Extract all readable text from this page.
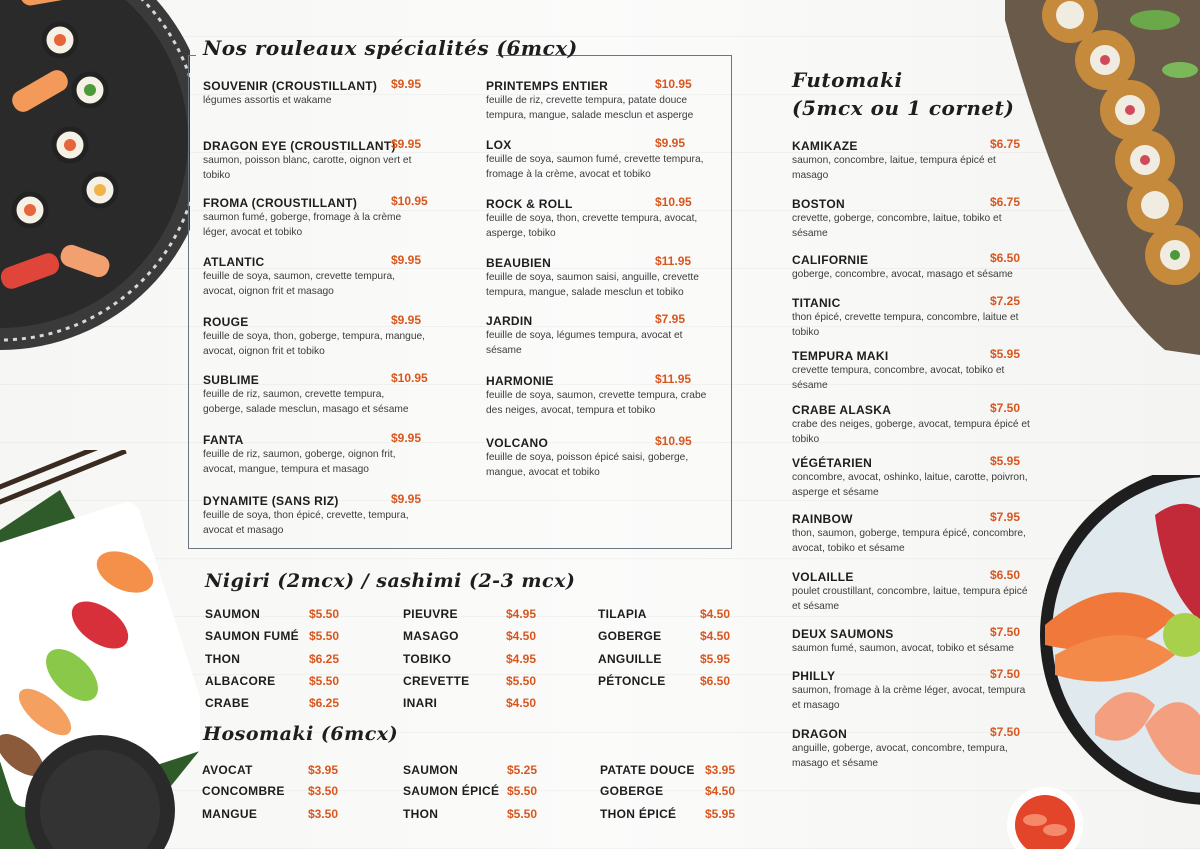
Nos rouleaux spécialités (6mcx)
SOUVENIR (CROUSTILLANT) $9.95
légumes assortis et wakame
DRAGON EYE (CROUSTILLANT)
$9.95
saumon, poisson blanc, carotte, oignon vert et tobiko
FROMA (CROUSTILLANT)	$10.95
saumon fumé, goberge, fromage à la crème léger, avocat et tobiko
ATLANTIC	$9.95
feuille de soya, saumon, crevette tempura, avocat, oignon frit et masago
ROUGE	$9.95
feuille de soya, thon, goberge, tempura, mangue, avocat, oignon frit et tobiko
SUBLIME	$10.95
feuille de riz, saumon, crevette tempura, goberge, salade mesclun, masago et sésame
FANTA	$9.95
feuille de riz, saumon, goberge, oignon frit, avocat, mangue, tempura et masago
DYNAMITE (SANS RIZ)	$9.95
feuille de soya, thon épicé, crevette, tempura, avocat et masago
PRINTEMPS ENTIER	$10.95
feuille de riz, crevette tempura, patate douce tempura, mangue, salade mesclun et asperge
LOX	$9.95
feuille de soya, saumon fumé, crevette tempura, fromage à la crème, avocat et tobiko
ROCK & ROLL	$10.95
feuille de soya, thon, crevette tempura, avocat, asperge, tobiko
BEAUBIEN	$11.95
feuille de soya, saumon saisi, anguille, crevette tempura, mangue, salade mesclun et tobiko
JARDIN	$7.95
feuille de soya, légumes tempura, avocat et sésame
HARMONIE	$11.95
feuille de soya, saumon, crevette tempura, crabe des neiges, avocat, tempura et tobiko
VOLCANO	$10.95
feuille de soya, poisson épicé saisi, goberge, mangue, avocat et tobiko
Nigiri (2mcx) / sashimi (2-3 mcx)
SAUMON	$5.50
SAUMON FUMÉ $5.50
THON	$6.25
ALBACORE	$5.50
CRABE	$6.25
PIEUVRE	$4.95
MASAGO	$4.50
TOBIKO	$4.95
CREVETTE	$5.50
INARI	$4.50
TILAPIA	$4.50
GOBERGE	$4.50
ANGUILLE	$5.95
PÉTONCLE	$6.50
Hosomaki (6mcx)
AVOCAT	$3.95
CONCOMBRE $3.50
MANGUE	$3.50
SAUMON	$5.25
SAUMON ÉPICÉ $5.50
THON	$5.50
PATATE DOUCE $3.95
GOBERGE	$4.50
THON ÉPICÉ $5.95
Futomaki
(5mcx ou 1 cornet)
KAMIKAZE	$6.75
saumon, concombre, laitue, tempura épicé et masago
BOSTON	$6.75
crevette, goberge, concombre, laitue, tobiko et sésame
CALIFORNIE	$6.50
goberge, concombre, avocat, masago et sésame
TITANIC	$7.25
thon épicé, crevette tempura, concombre, laitue et tobiko
TEMPURA MAKI	$5.95
crevette tempura, concombre, avocat, tobiko et sésame
CRABE ALASKA	$7.50
crabe des neiges, goberge, avocat, tempura épicé et tobiko
VÉGÉTARIEN	$5.95
concombre, avocat, oshinko, laitue, carotte, poivron, asperge et sésame
RAINBOW	$7.95
thon, saumon, goberge, tempura épicé, concombre, avocat, tobiko et sésame
VOLAILLE	$6.50
poulet croustillant, concombre, laitue, tempura épicé et sésame
DEUX SAUMONS	$7.50
saumon fumé, saumon, avocat, tobiko et sésame
PHILLY	$7.50
saumon, fromage à la crème léger, avocat, tempura et masago
DRAGON	$7.50
anguille, goberge, avocat, concombre, tempura, masago et sésame
